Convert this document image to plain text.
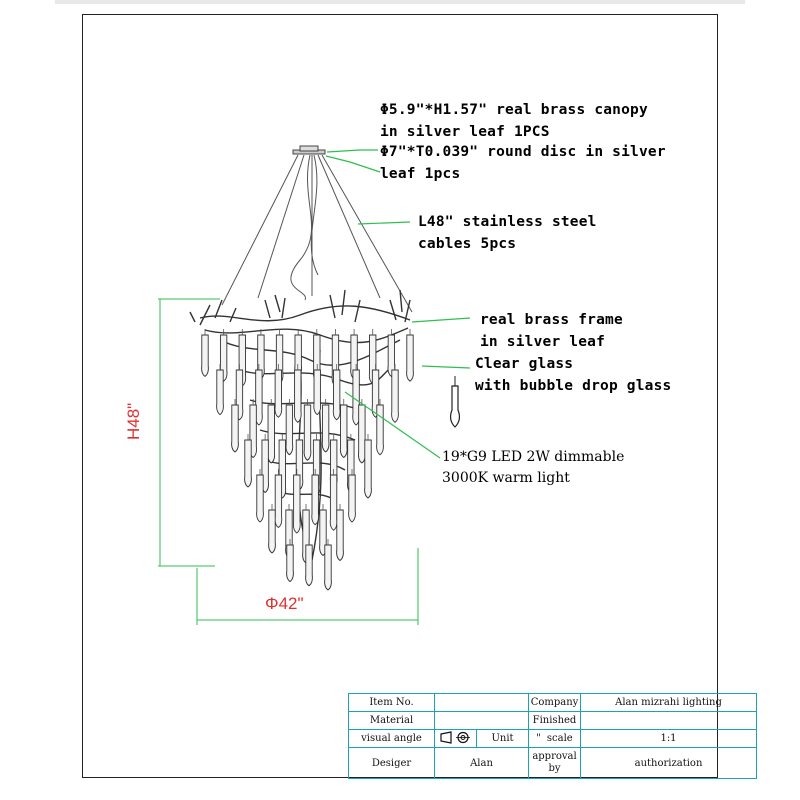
Φ5.9"*H1.57" real brass canopy
in silver leaf 1PCS
Φ7"*T0.039" round disc in silver
leaf 1pcs
L48" stainless steel
cables 5pcs
real brass frame
in silver leaf
Clear glass
with bubble drop glass
19*G9 LED 2W dimmable
3000K warm light
H48"
Φ42"
Item No.			Company	Alan mizrahi lighting
Material			Finished	
visual angle		Unit	" scale	1:1
Desiger	Alan		approval by	authorization
